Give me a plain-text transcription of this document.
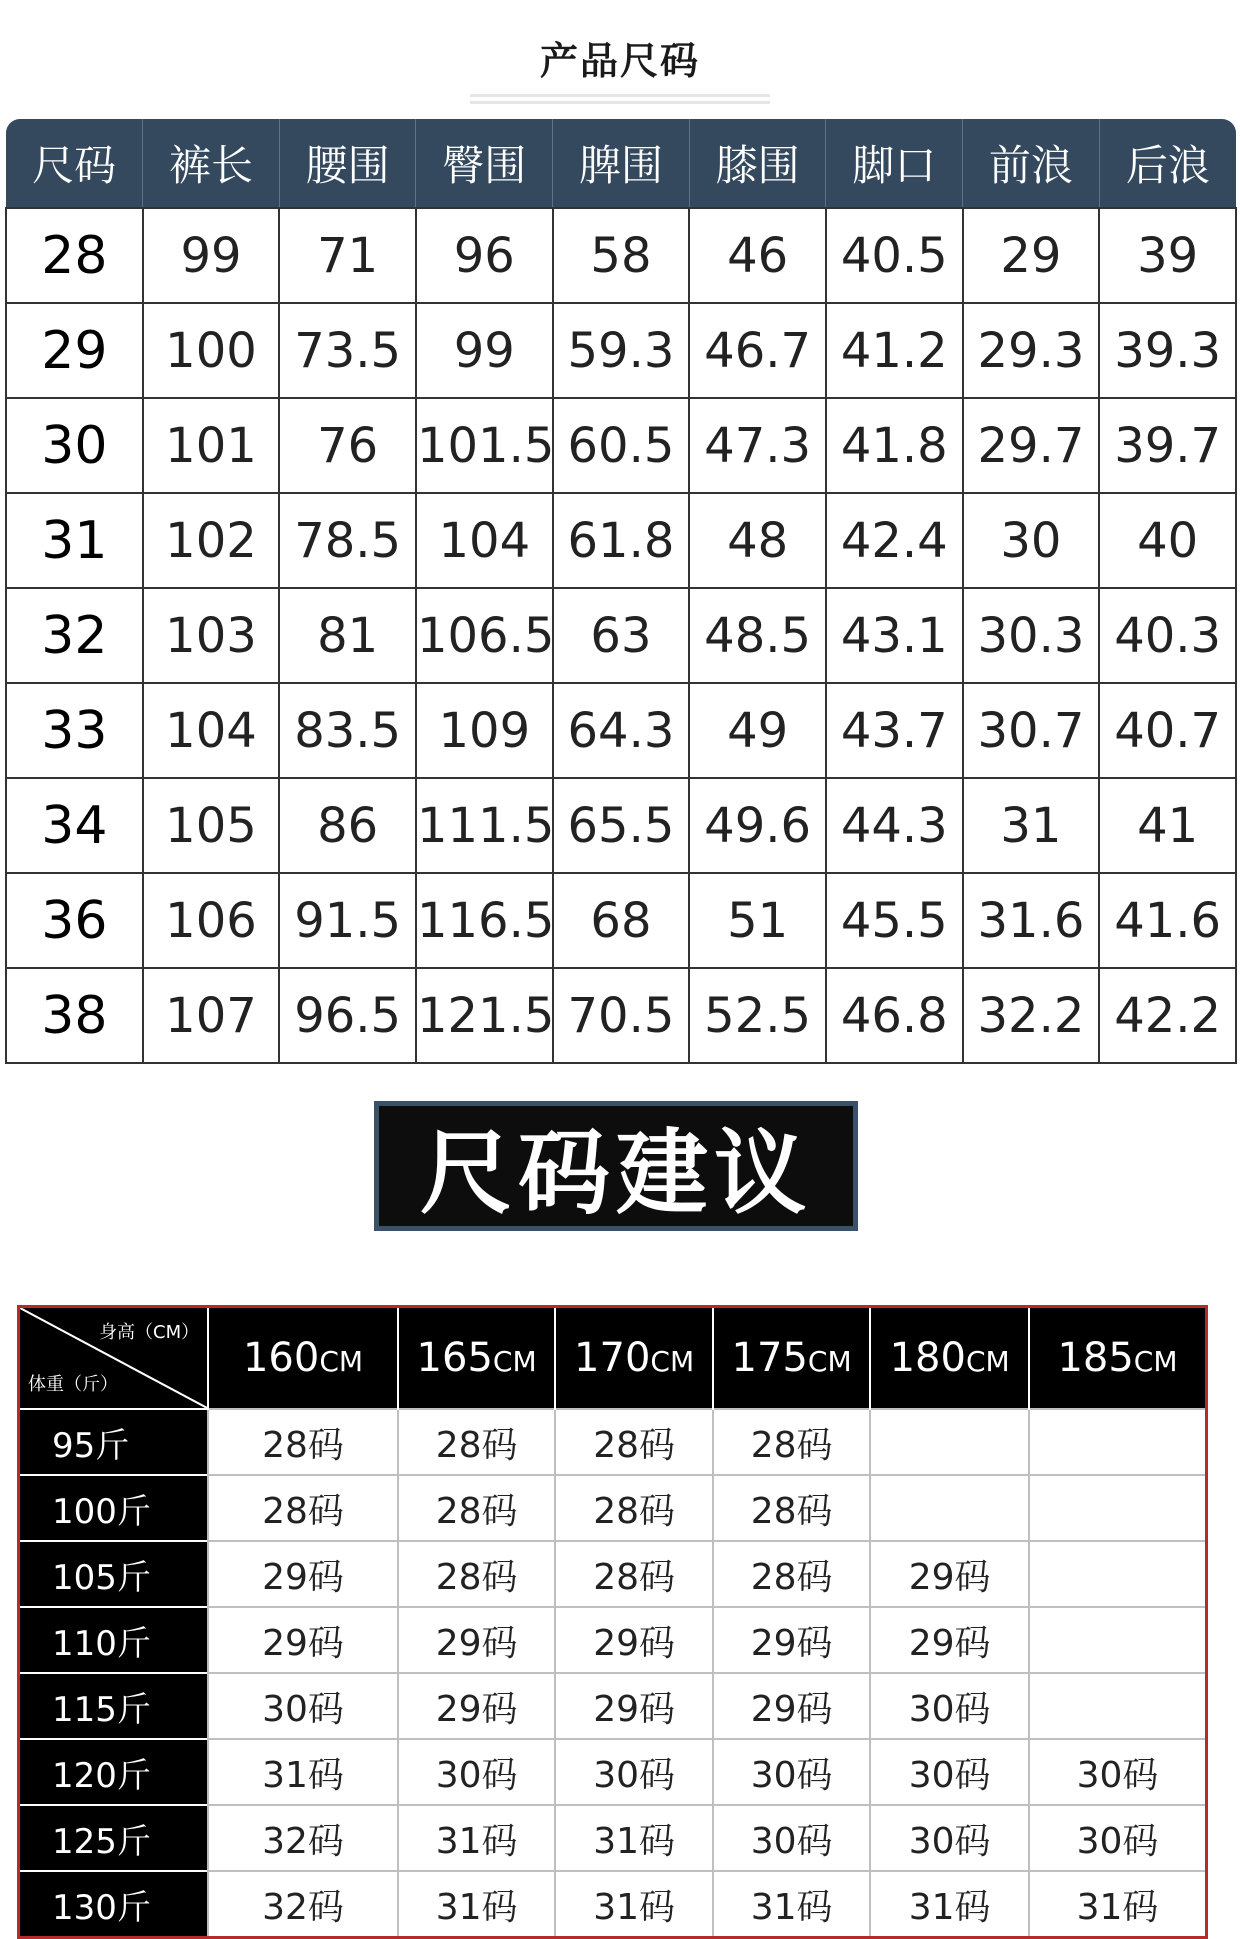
产品尺码
尺码	裤长	腰围	臀围	脾围	膝围	脚口	前浪	后浪
28	99	71	96	58	46	40.5	29	39
29	100	73.5	99	59.3	46.7	41.2	29.3	39.3
30	101	76	101.5	60.5	47.3	41.8	29.7	39.7
31	102	78.5	104	61.8	48	42.4	30	40
32	103	81	106.5	63	48.5	43.1	30.3	40.3
33	104	83.5	109	64.3	49	43.7	30.7	40.7
34	105	86	111.5	65.5	49.6	44.3	31	41
36	106	91.5	116.5	68	51	45.5	31.6	41.6
38	107	96.5	121.5	70.5	52.5	46.8	32.2	42.2
尺码建议
身高（CM）
体重（斤）	160CM	165CM	170CM	175CM	180CM	185CM
95斤	28码	28码	28码	28码		
100斤	28码	28码	28码	28码		
105斤	29码	28码	28码	28码	29码	
110斤	29码	29码	29码	29码	29码	
115斤	30码	29码	29码	29码	30码	
120斤	31码	30码	30码	30码	30码	30码
125斤	32码	31码	31码	30码	30码	30码
130斤	32码	31码	31码	31码	31码	31码
